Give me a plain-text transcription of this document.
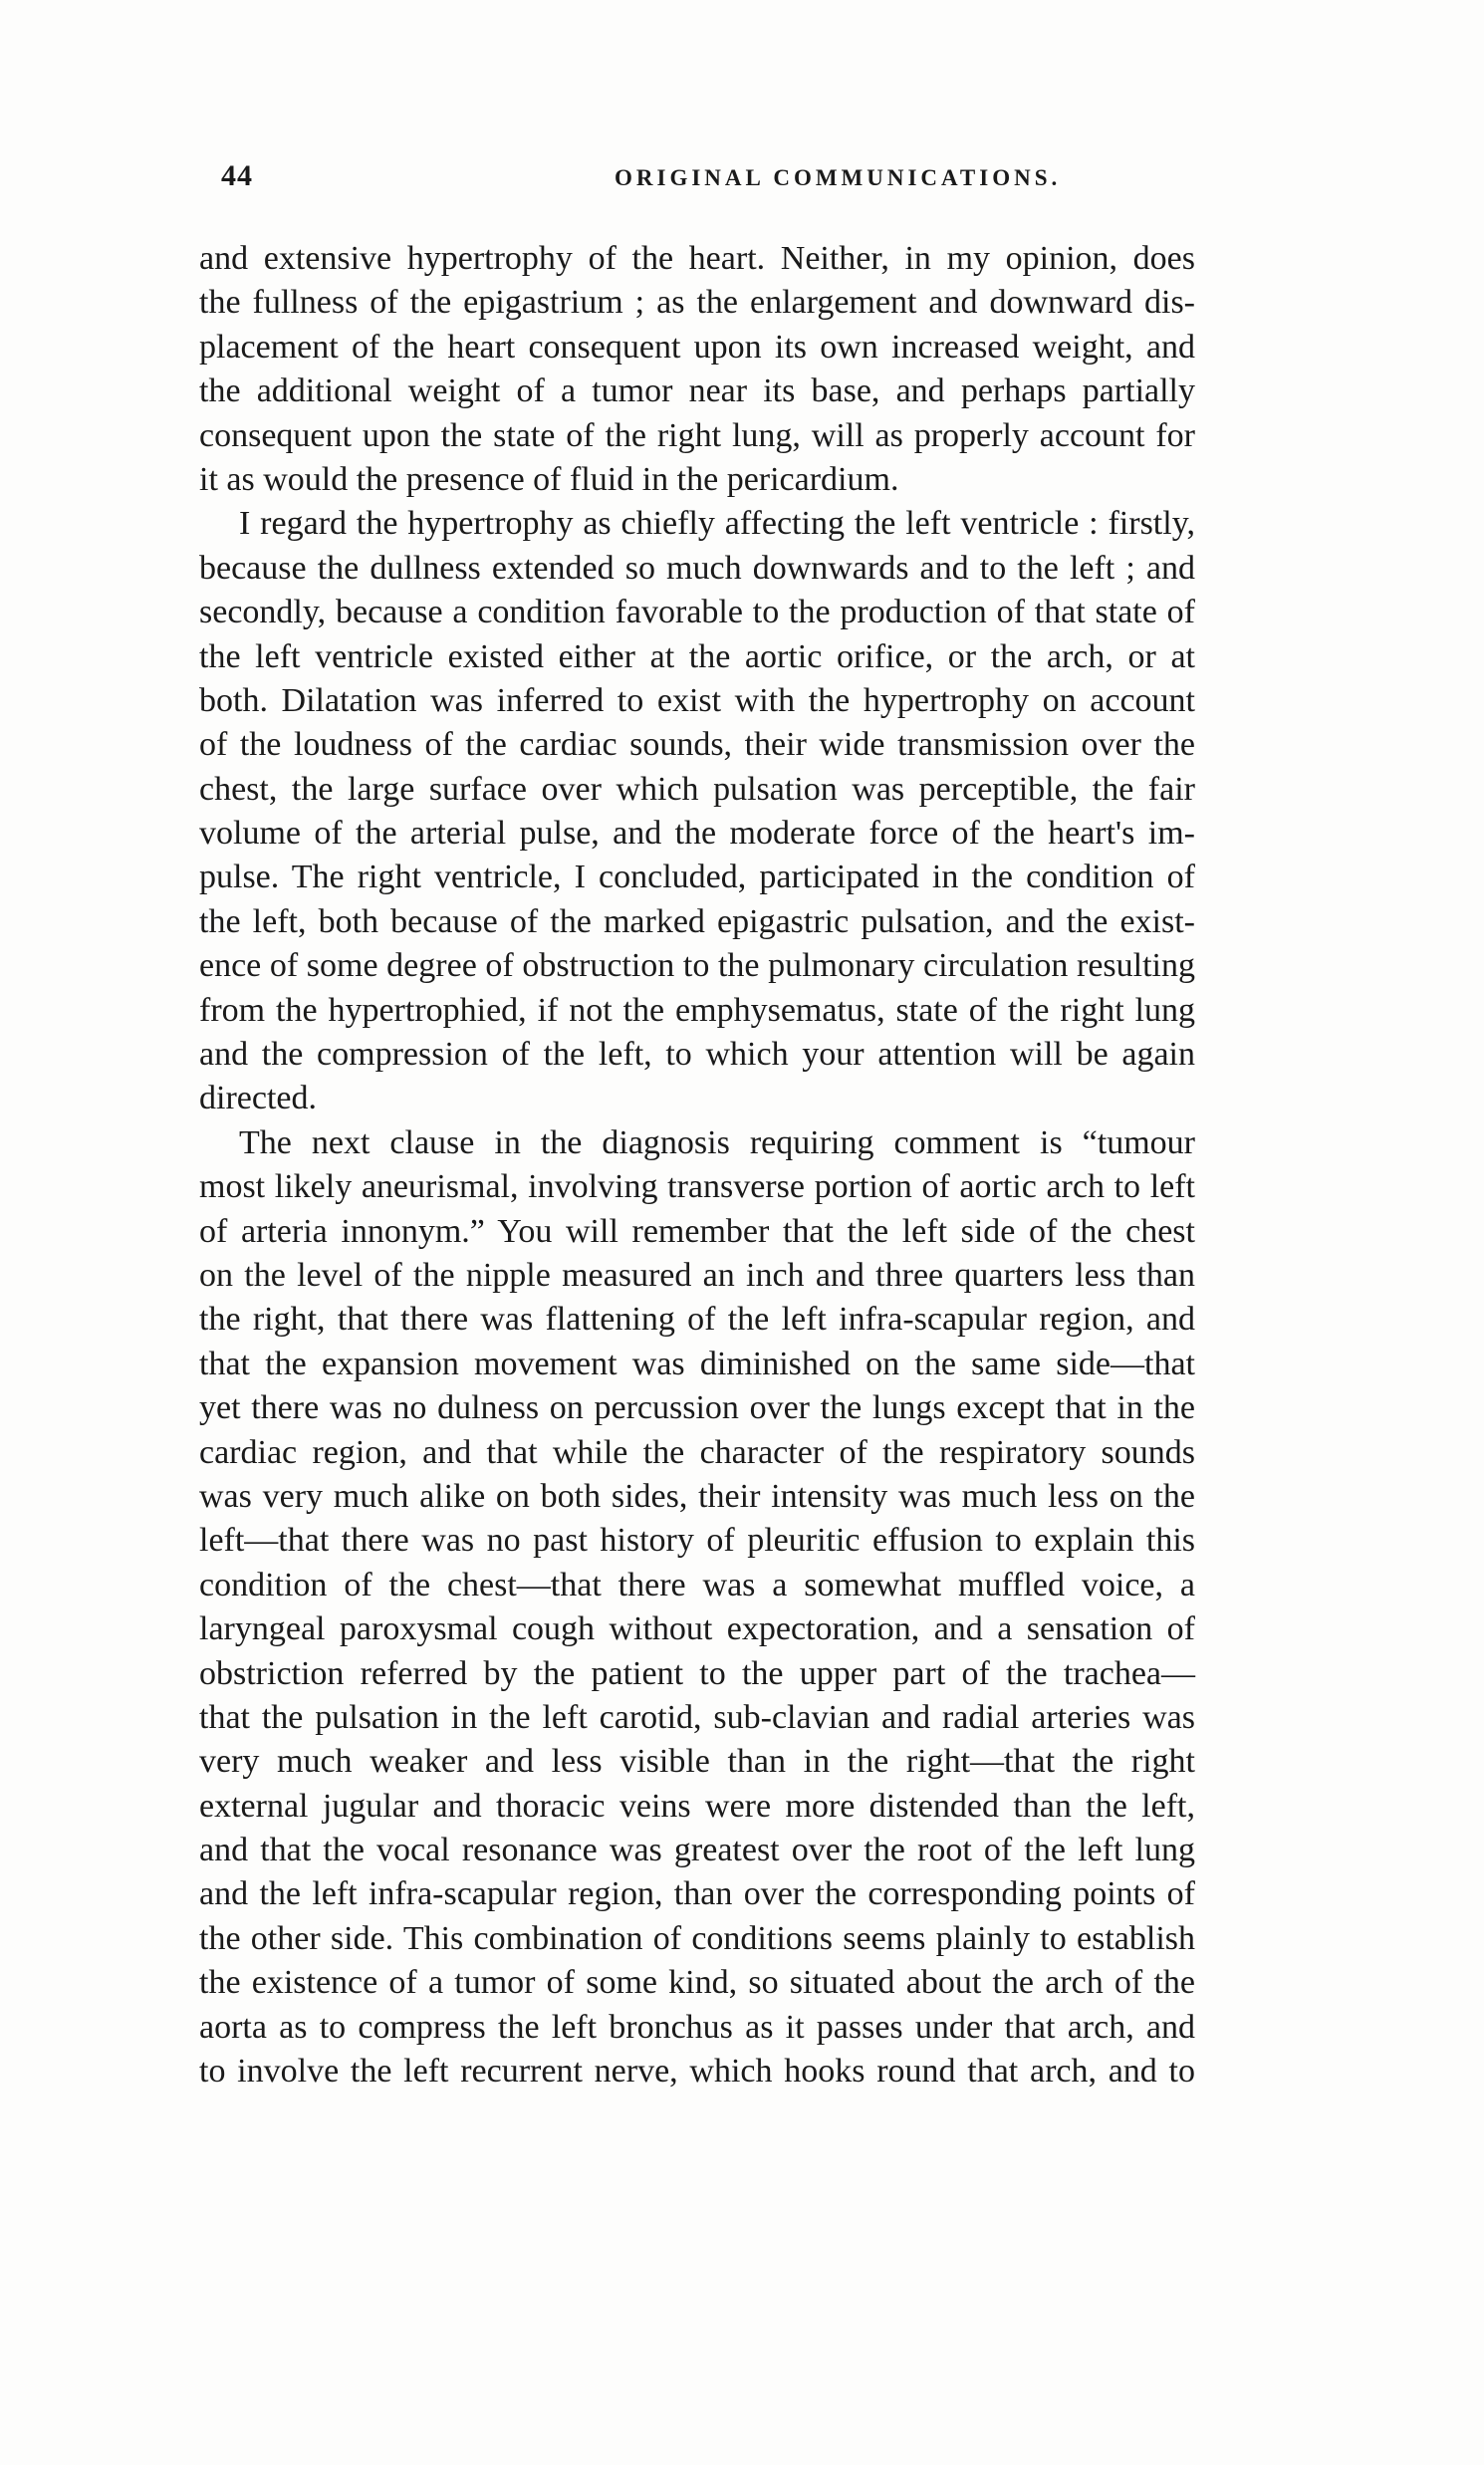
44	ORIGINAL COMMUNICATIONS.
and extensive hypertrophy of the heart. Neither, in my opinion, does
the fullness of the epigastrium ; as the enlargement and downward dis-
placement of the heart consequent upon its own increased weight, and
the additional weight of a tumor near its base, and perhaps partially
consequent upon the state of the right lung, will as properly account for
it as would the presence of fluid in the pericardium.
I regard the hypertrophy as chiefly affecting the left ventricle : firstly,
because the dullness extended so much downwards and to the left ; and
secondly, because a condition favorable to the production of that state of
the left ventricle existed either at the aortic orifice, or the arch, or at
both. Dilatation was inferred to exist with the hypertrophy on account
of the loudness of the cardiac sounds, their wide transmission over the
chest, the large surface over which pulsation was perceptible, the fair
volume of the arterial pulse, and the moderate force of the heart's im-
pulse. The right ventricle, I concluded, participated in the condition of
the left, both because of the marked epigastric pulsation, and the exist-
ence of some degree of obstruction to the pulmonary circulation resulting
from the hypertrophied, if not the emphysematus, state of the right lung
and the compression of the left, to which your attention will be again
directed.
The next clause in the diagnosis requiring comment is “tumour
most likely aneurismal, involving transverse portion of aortic arch to left
of arteria innonym.” You will remember that the left side of the chest
on the level of the nipple measured an inch and three quarters less than
the right, that there was flattening of the left infra-scapular region, and
that the expansion movement was diminished on the same side—that
yet there was no dulness on percussion over the lungs except that in the
cardiac region, and that while the character of the respiratory sounds
was very much alike on both sides, their intensity was much less on the
left—that there was no past history of pleuritic effusion to explain this
condition of the chest—that there was a somewhat muffled voice, a
laryngeal paroxysmal cough without expectoration, and a sensation of
obstriction referred by the patient to the upper part of the trachea—
that the pulsation in the left carotid, sub-clavian and radial arteries was
very much weaker and less visible than in the right—that the right
external jugular and thoracic veins were more distended than the left,
and that the vocal resonance was greatest over the root of the left lung
and the left infra-scapular region, than over the corresponding points of
the other side. This combination of conditions seems plainly to establish
the existence of a tumor of some kind, so situated about the arch of the
aorta as to compress the left bronchus as it passes under that arch, and
to involve the left recurrent nerve, which hooks round that arch, and to
